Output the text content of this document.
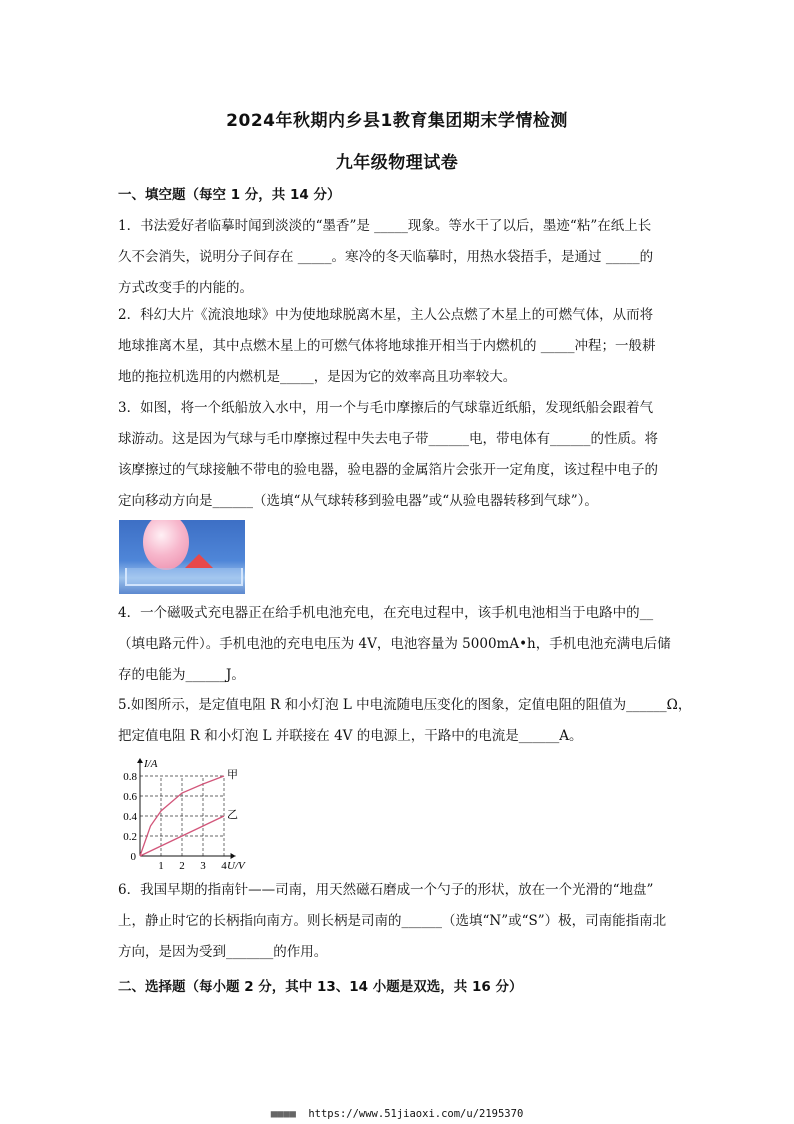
2024年秋期内乡县1教育集团期末学情检测
九年级物理试卷
一、填空题（每空 1 分，共 14 分）
1．书法爱好者临摹时闻到淡淡的“墨香”是 _____现象。等水干了以后，墨迹“粘”在纸上长
久不会消失，说明分子间存在 _____。寒冷的冬天临摹时，用热水袋捂手，是通过 _____的
方式改变手的内能的。
2．科幻大片《流浪地球》中为使地球脱离木星，主人公点燃了木星上的可燃气体，从而将
地球推离木星，其中点燃木星上的可燃气体将地球推开相当于内燃机的 _____冲程；一般耕
地的拖拉机选用的内燃机是_____，是因为它的效率高且功率较大。
3．如图，将一个纸船放入水中，用一个与毛巾摩擦后的气球靠近纸船，发现纸船会跟着气
球游动。这是因为气球与毛巾摩擦过程中失去电子带______电，带电体有______的性质。将
该摩擦过的气球接触不带电的验电器，验电器的金属箔片会张开一定角度，该过程中电子的
定向移动方向是______（选填“从气球转移到验电器”或“从验电器转移到气球”）。
4．一个磁吸式充电器正在给手机电池充电，在充电过程中，该手机电池相当于电路中的__
（填电路元件）。手机电池的充电电压为 4V，电池容量为 5000mA•h，手机电池充满电后储
存的电能为______J。
5.如图所示，是定值电阻 R 和小灯泡 L 中电流随电压变化的图象，定值电阻的阻值为______Ω，
把定值电阻 R 和小灯泡 L 并联接在 4V 的电源上，干路中的电流是______A。
0.8
0.6
0.4
0.2
1 2 3 4
0
I/A
U/V
甲
乙
6．我国早期的指南针——司南，用天然磁石磨成一个勺子的形状，放在一个光滑的“地盘”
上，静止时它的长柄指向南方。则长柄是司南的______（选填“N”或“S”）极，司南能指南北
方向，是因为受到_______的作用。
二、选择题（每小题 2 分，其中 13、14 小题是双选，共 16 分）
■■■■ https://www.51jiaoxi.com/u/2195370
